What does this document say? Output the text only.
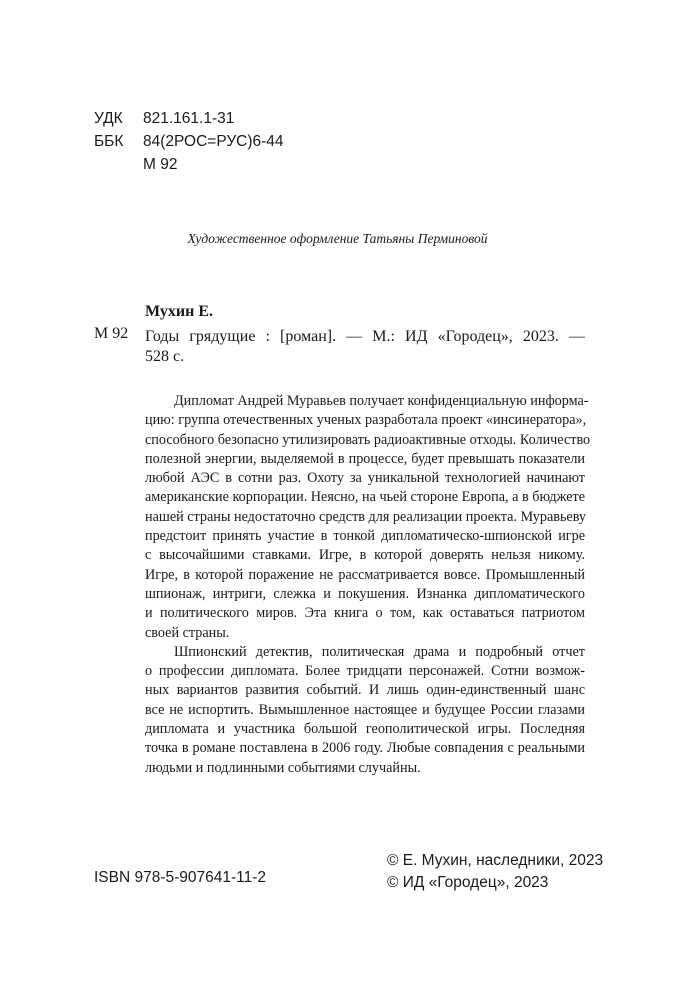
УДК	821.161.1-31
ББК	84(2РОС=РУС)6-44
М 92
Художественное оформление Татьяны Перминовой
Мухин Е.
М 92 Годы грядущие : [роман]. — М.: ИД «Городец», 2023. —
528 с.
Дипломат Андрей Муравьев получает конфиденциальную информа-
цию: группа отечественных ученых разработала проект «инсинератора»,
способного безопасно утилизировать радиоактивные отходы. Количество
полезной энергии, выделяемой в процессе, будет превышать показатели
любой АЭС в сотни раз. Охоту за уникальной технологией начинают
американские корпорации. Неясно, на чьей стороне Европа, а в бюджете
нашей страны недостаточно средств для реализации проекта. Муравьеву
предстоит принять участие в тонкой дипломатическо-шпионской игре
с высочайшими ставками. Игре, в которой доверять нельзя никому.
Игре, в которой поражение не рассматривается вовсе. Промышленный
шпионаж, интриги, слежка и покушения. Изнанка дипломатического
и политического миров. Эта книга о том, как оставаться патриотом
своей страны.
Шпионский детектив, политическая драма и подробный отчет
о профессии дипломата. Более тридцати персонажей. Сотни возмож-
ных вариантов развития событий. И лишь один-единственный шанс
все не испортить. Вымышленное настоящее и будущее России глазами
дипломата и участника большой геополитической игры. Последняя
точка в романе поставлена в 2006 году. Любые совпадения с реальными
людьми и подлинными событиями случайны.
ISBN 978-5-907641-11-2
© Е. Мухин, наследники, 2023
© ИД «Городец», 2023
